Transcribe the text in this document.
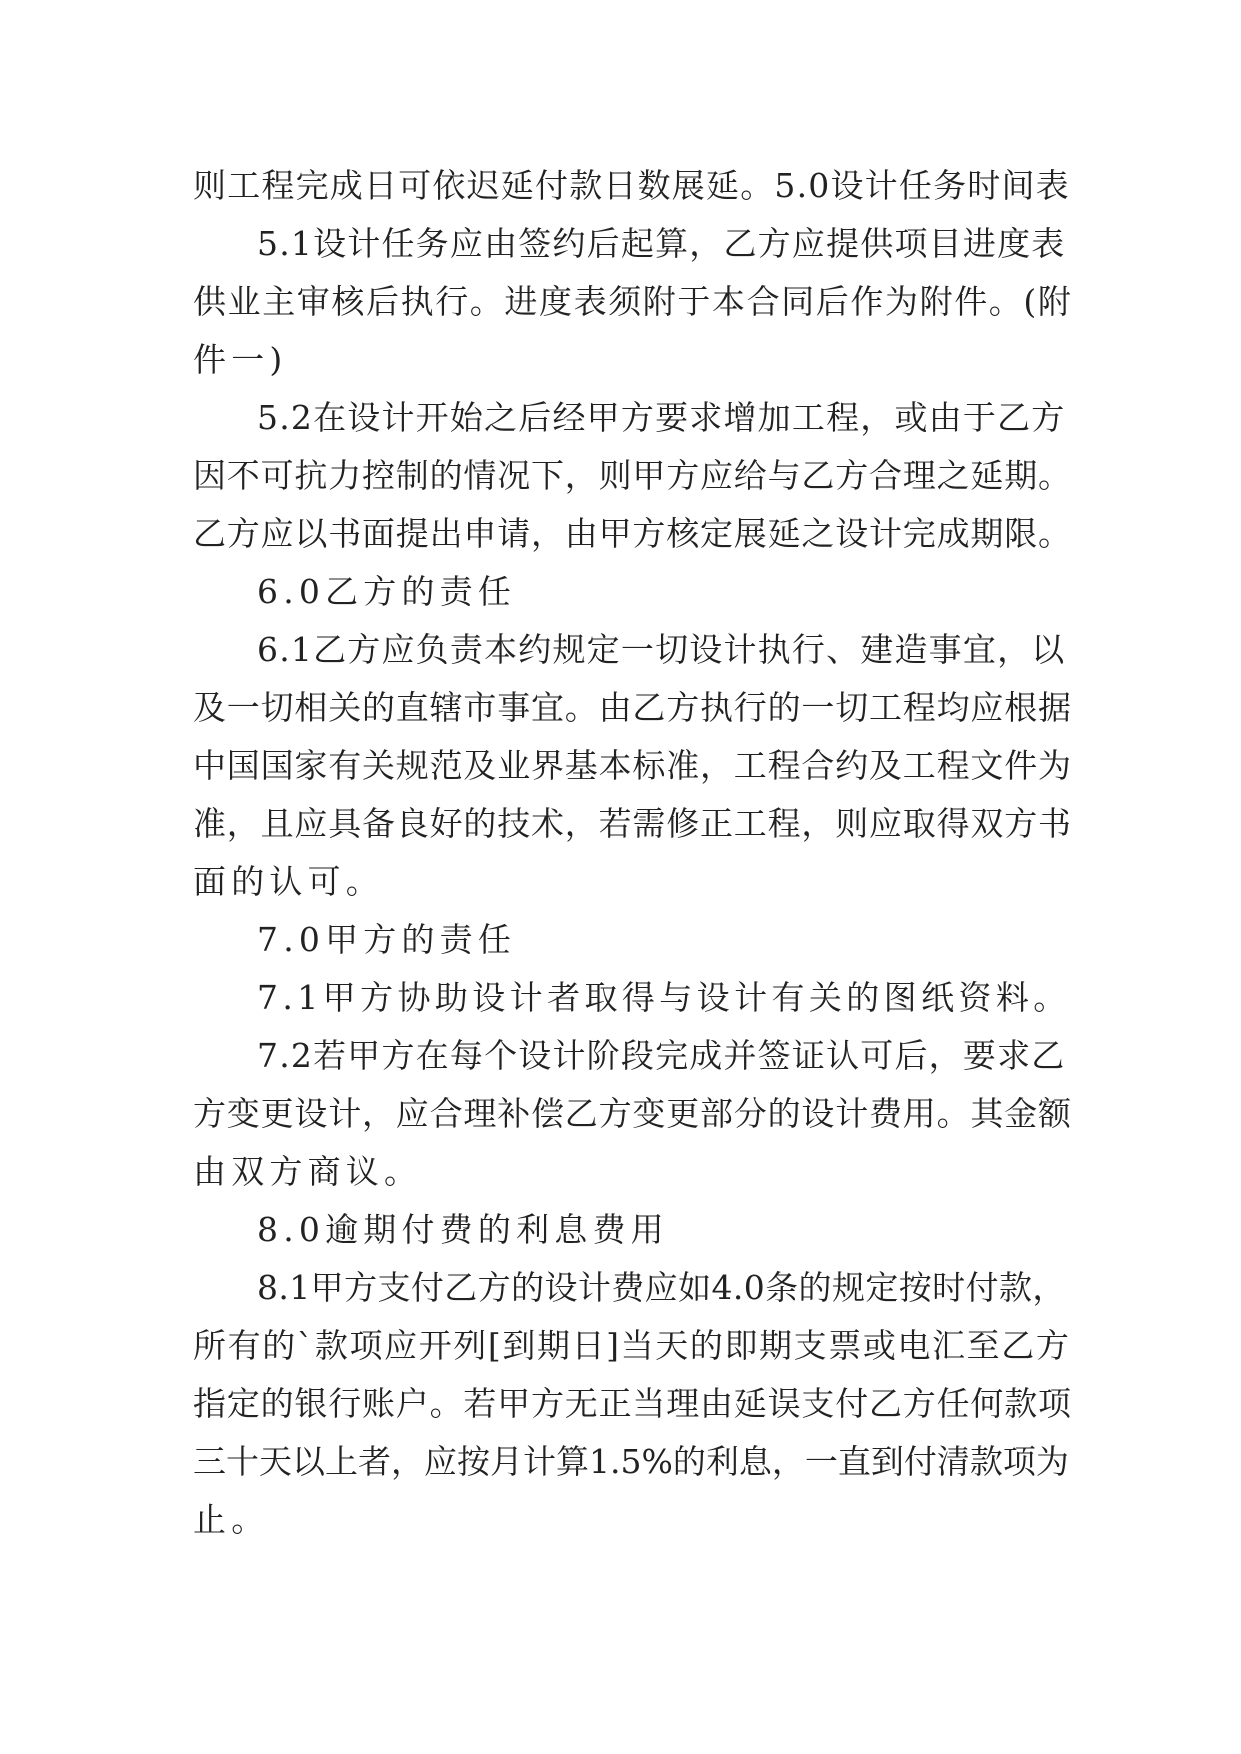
则工程完成日可依迟延付款日数展延。5.0设计任务时间表
5.1设计任务应由签约后起算，乙方应提供项目进度表
供业主审核后执行。进度表须附于本合同后作为附件。(附
件一)
5.2在设计开始之后经甲方要求增加工程，或由于乙方
因不可抗力控制的情况下，则甲方应给与乙方合理之延期。
乙方应以书面提出申请，由甲方核定展延之设计完成期限。
6.0乙方的责任
6.1乙方应负责本约规定一切设计执行、建造事宜，以
及一切相关的直辖市事宜。由乙方执行的一切工程均应根据
中国国家有关规范及业界基本标准，工程合约及工程文件为
准，且应具备良好的技术，若需修正工程，则应取得双方书
面的认可。
7.0甲方的责任
7.1甲方协助设计者取得与设计有关的图纸资料。
7.2若甲方在每个设计阶段完成并签证认可后，要求乙
方变更设计，应合理补偿乙方变更部分的设计费用。其金额
由双方商议。
8.0逾期付费的利息费用
8.1甲方支付乙方的设计费应如4.0条的规定按时付款，
所有的`款项应开列[到期日]当天的即期支票或电汇至乙方
指定的银行账户。若甲方无正当理由延误支付乙方任何款项
三十天以上者，应按月计算1.5%的利息，一直到付清款项为
止。
